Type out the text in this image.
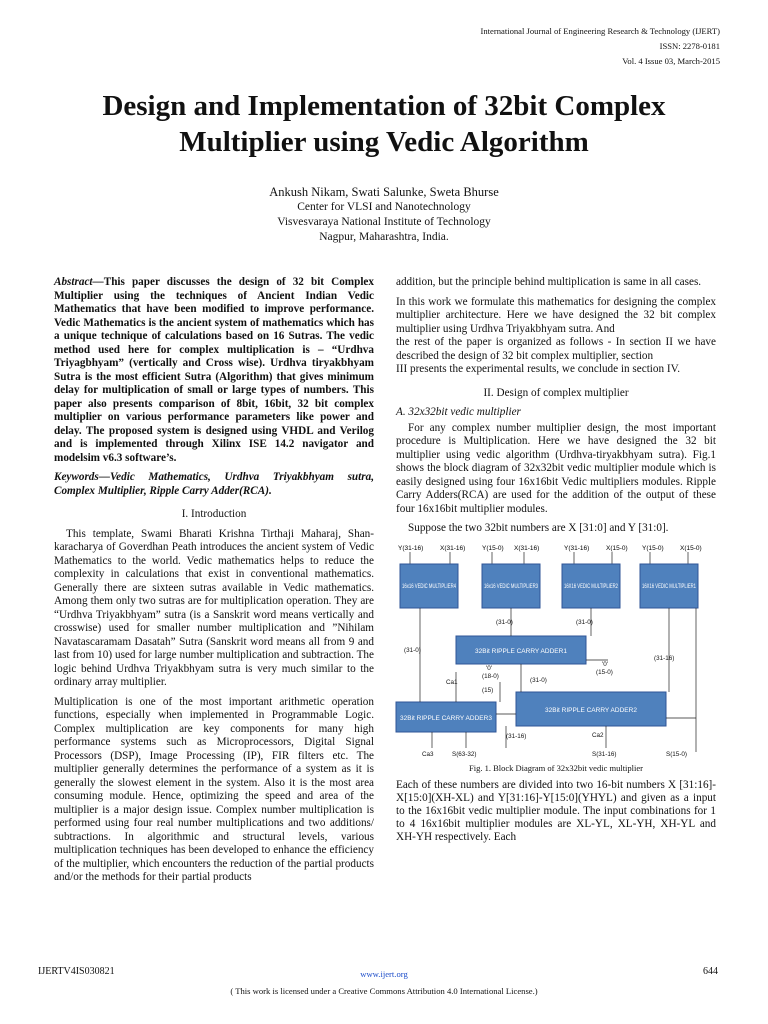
International Journal of Engineering Research & Technology (IJERT)
ISSN: 2278-0181
Vol. 4 Issue 03, March-2015
Design and Implementation of 32bit Complex Multiplier using Vedic Algorithm
Ankush Nikam, Swati Salunke, Sweta Bhurse
Center for VLSI and Nanotechnology
Visvesvaraya National Institute of Technology
Nagpur, Maharashtra, India.

Abstract—This paper discusses the design of 32 bit Complex Multiplier using the techniques of Ancient Indian Vedic Mathematics that have been modified to improve performance. Vedic Mathematics is the ancient system of mathematics which has a unique technique of calculations based on 16 Sutras. The vedic method used here for complex multiplication is – “Urdhva Triyagbhyam” (vertically and Cross wise). Urdhva tiryakbhyam Sutra is the most efficient Sutra (Algorithm) that gives minimum delay for multiplication of small or large types of numbers. This paper also presents comparison of 8bit, 16bit, 32 bit complex multiplier on various performance parameters like power and delay. The proposed system is designed using VHDL and Verilog and is implemented through Xilinx ISE 14.2 navigator and modelsim v6.3 software’s.

Keywords—Vedic Mathematics, Urdhva Triyakbhyam sutra, Complex Multiplier, Ripple Carry Adder(RCA).

I. Introduction

This template, Swami Bharati Krishna Tirthaji Maharaj, Shan-karacharya of Goverdhan Peath introduces the ancient system of Vedic Mathematics to the world. Vedic mathematics helps to reduce the complexity in calculations that exist in conventional mathematics. Generally there are sixteen sutras available in Vedic mathematics. Among them only two sutras are for multiplication operation. They are “Urdhva Triyakbhyam” sutra (is a Sanskrit word means vertically and crosswise) used for smaller number multiplication and ”Nihilam Navatascaramam Dasatah” Sutra (Sanskrit word means all from 9 and last from 10) used for large number multiplication and subtraction. The logic behind Urdhva Triyakbhyam sutra is very much similar to the ordinary array multiplier.

Multiplication is one of the most important arithmetic operation functions, especially when implemented in Programmable Logic. Complex multiplication are key components for many high performance systems such as Microprocessors, Digital Signal Processors (DSP), Image Processing (IP), FIR filters etc. The multiplier generally determines the performance of a system as it is generally the slowest element in the system. Also it is the most area consuming module. Hence, optimizing the speed and area of the multiplier is a major design issue. Complex number multiplication is performed using four real number multiplications and two additions/ subtractions. In algorithmic and structural levels, various multiplication techniques has been developed to enhance the efficiency of the multiplier, which encounters the reduction of the partial products and/or the methods for their partial products

addition, but the principle behind multiplication is same in all cases.

In this work we formulate this mathematics for designing the complex multiplier architecture. Here we have designed the 32 bit complex multiplier using Urdhva Triyakbhyam sutra. And

the rest of the paper is organized as follows - In section II we have described the design of 32 bit complex multiplier, section

III presents the experimental results, we conclude in section IV.

II. Design of complex multiplier
A. 32x32bit vedic multiplier

For any complex number multiplier design, the most important procedure is Multiplication. Here we have designed the 32 bit multiplier using vedic algorithm (Urdhva-tiryakbhyam sutra). Fig.1 shows the block diagram of 32x32bit vedic multiplier module which is easily designed using four 16x16bit Vedic multipliers modules. Ripple Carry Adders(RCA) are used for the addition of the output of these four 16x16bit multiplier modules.

Suppose the two 32bit numbers are X [31:0] and Y [31:0].

Y(31-16)	X(31-16)	Y(15-0) X(31-16)	Y(31-16)	X(15-0) Y(15-0)	X(15-0)
16x16 VEDIC MULTIPLIER4	16x16 VEDIC MULTIPLIER3	16X16 VEDIC MULTIPLIER2	16X16 VEDIC MULTIPLIER1
32Bit RIPPLE CARRY ADDER1
32Bit RIPPLE CARRY ADDER2
32Bit RIPPLE CARRY ADDER3
(31-0)
(31-0)	(31-0)
(31-0)
(31-16)
(31-16)
'0'
'0'
(15-0)
(18-0)
(15)
Ca1
Ca2
Ca3	S(63-32)	S(31-16)	S(15-0)
Fig. 1. Block Diagram of 32x32bit vedic multiplier

Each of these numbers are divided into two 16-bit numbers X [31:16]-X[15:0](XH-XL) and Y[31:16]-Y[15:0](YHYL) and given as a input to the 16x16bit vedic multiplier module. The input combinations for 1 to 4 16x16bit multiplier modules are XL-YL, XL-YH, XH-YL and XH-YH respectively. Each

IJERTV4IS030821	www.ijert.org	644
( This work is licensed under a Creative Commons Attribution 4.0 International License.)
